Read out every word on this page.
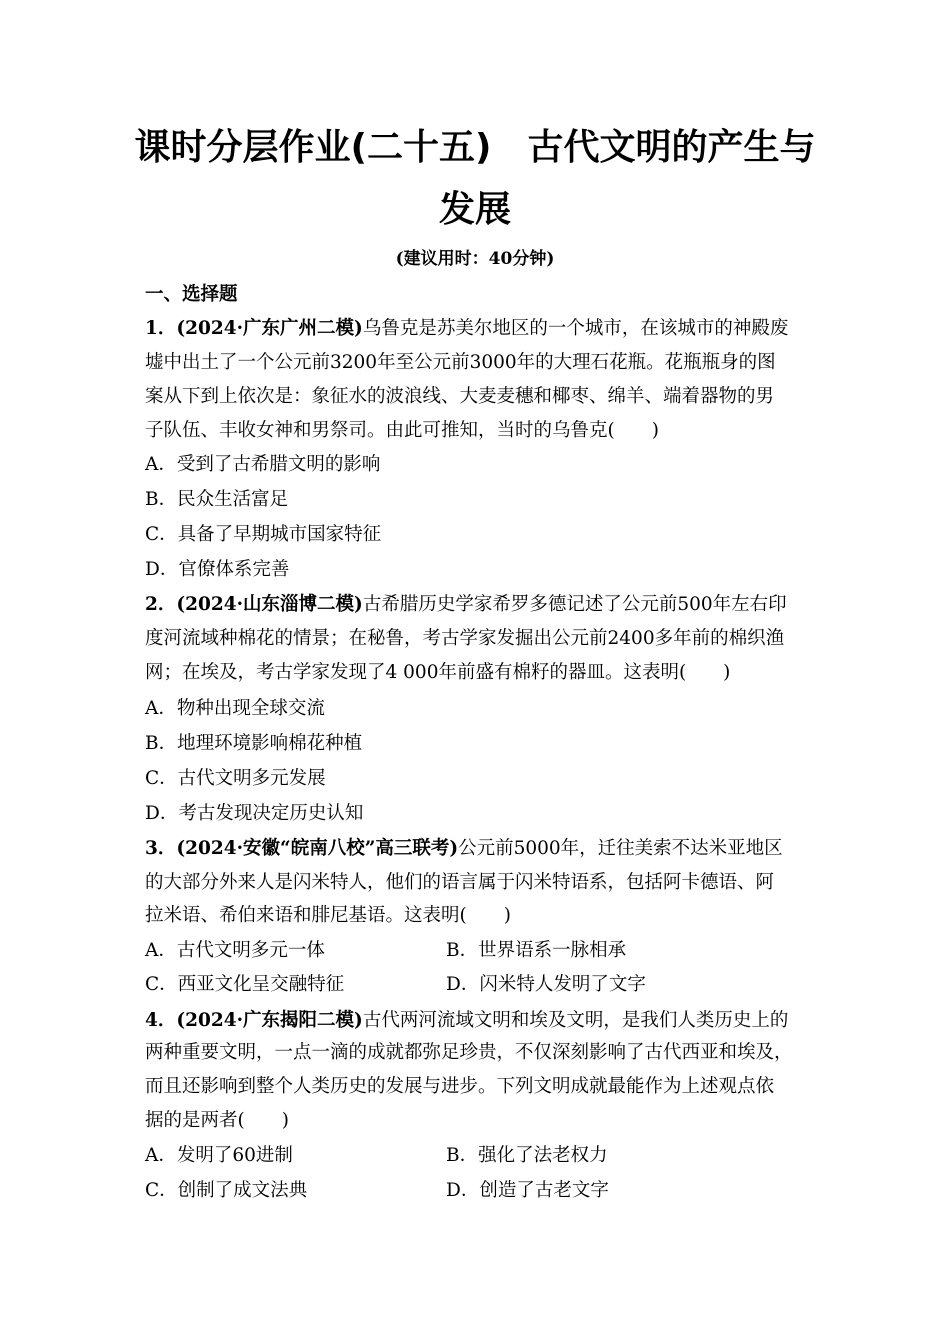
课时分层作业(二十五)　古代文明的产生与
发展
(建议用时：40分钟)
一、选择题
1．(2024·广东广州二模)乌鲁克是苏美尔地区的一个城市，在该城市的神殿废
墟中出土了一个公元前3200年至公元前3000年的大理石花瓶。花瓶瓶身的图
案从下到上依次是：象征水的波浪线、大麦麦穗和椰枣、绵羊、端着器物的男
子队伍、丰收女神和男祭司。由此可推知，当时的乌鲁克(　　)
A．受到了古希腊文明的影响
B．民众生活富足
C．具备了早期城市国家特征
D．官僚体系完善
2．(2024·山东淄博二模)古希腊历史学家希罗多德记述了公元前500年左右印
度河流域种棉花的情景；在秘鲁，考古学家发掘出公元前2400多年前的棉织渔
网；在埃及，考古学家发现了4 000年前盛有棉籽的器皿。这表明(　　)
A．物种出现全球交流
B．地理环境影响棉花种植
C．古代文明多元发展
D．考古发现决定历史认知
3．(2024·安徽“皖南八校”高三联考)公元前5000年，迁往美索不达米亚地区
的大部分外来人是闪米特人，他们的语言属于闪米特语系，包括阿卡德语、阿
拉米语、希伯来语和腓尼基语。这表明(　　)
A．古代文明多元一体	B．世界语系一脉相承
C．西亚文化呈交融特征	D．闪米特人发明了文字
4．(2024·广东揭阳二模)古代两河流域文明和埃及文明，是我们人类历史上的
两种重要文明，一点一滴的成就都弥足珍贵，不仅深刻影响了古代西亚和埃及，
而且还影响到整个人类历史的发展与进步。下列文明成就最能作为上述观点依
据的是两者(　　)
A．发明了60进制	B．强化了法老权力
C．创制了成文法典	D．创造了古老文字
